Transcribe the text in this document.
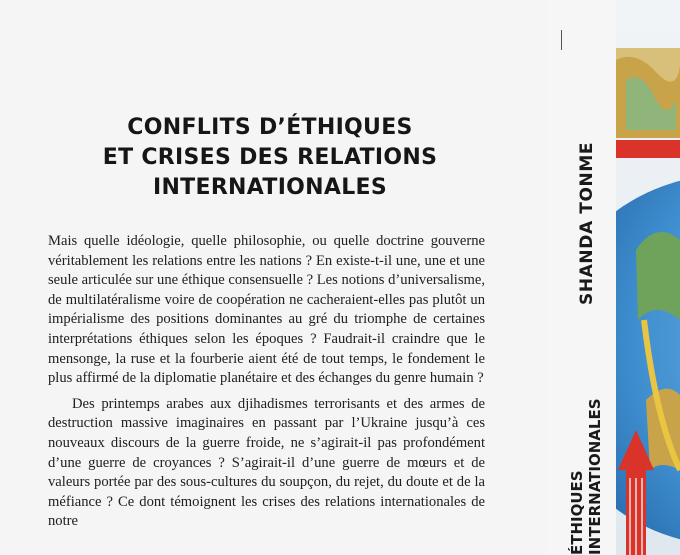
CONFLITS D’ÉTHIQUES
ET CRISES DES RELATIONS
INTERNATIONALES

Mais quelle idéologie, quelle philosophie, ou quelle doctrine gouverne véritablement les relations entre les nations ? En existe-t-il une, une et une seule articulée sur une éthique consensuelle ? Les notions d’universalisme, de multilatéralisme voire de coopération ne cacheraient-elles pas plutôt un impérialisme des positions dominantes au gré du triomphe de certaines interprétations éthiques selon les époques ? Faudrait-il craindre que le mensonge, la ruse et la fourberie aient été de tout temps, le fondement le plus affirmé de la diplomatie planétaire et des échanges du genre humain ?

Des printemps arabes aux djihadismes terrorisants et des armes de destruction massive imaginaires en passant par l’Ukraine jusqu’à ces nouveaux discours de la guerre froide, ne s’agirait-il pas profondément d’une guerre de croyances ? S’agirait-il d’une guerre de mœurs et de valeurs portée par des sous-cultures du soupçon, du rejet, du doute et de la méfiance ? Ce dont témoignent les crises des relations internationales de notre

SHANDA TONME
ÉTHIQUES INTERNATIONALES
